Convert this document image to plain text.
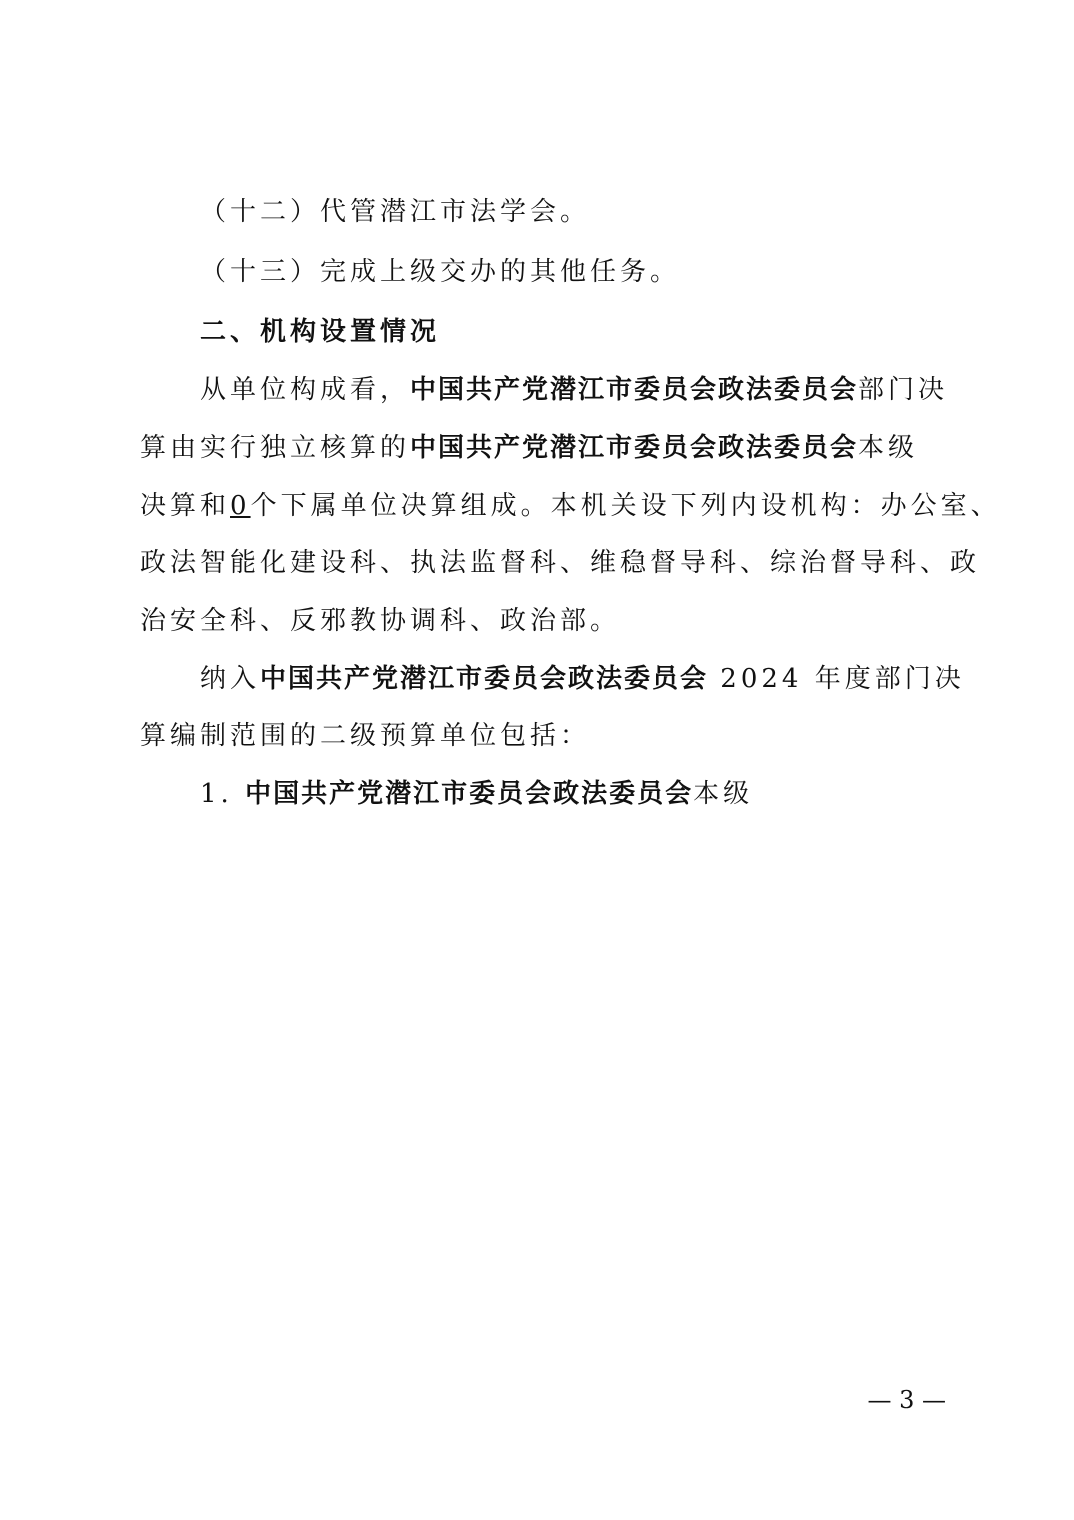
（十二）代管潜江市法学会。
（十三）完成上级交办的其他任务。
二、机构设置情况
从单位构成看，中国共产党潜江市委员会政法委员会部门决
算由实行独立核算的中国共产党潜江市委员会政法委员会本级
决算和0个下属单位决算组成。本机关设下列内设机构：办公室、
政法智能化建设科、执法监督科、维稳督导科、综治督导科、政
治安全科、反邪教协调科、政治部。
纳入中国共产党潜江市委员会政法委员会 2024 年度部门决
算编制范围的二级预算单位包括：
1. 中国共产党潜江市委员会政法委员会本级
— 3 —
